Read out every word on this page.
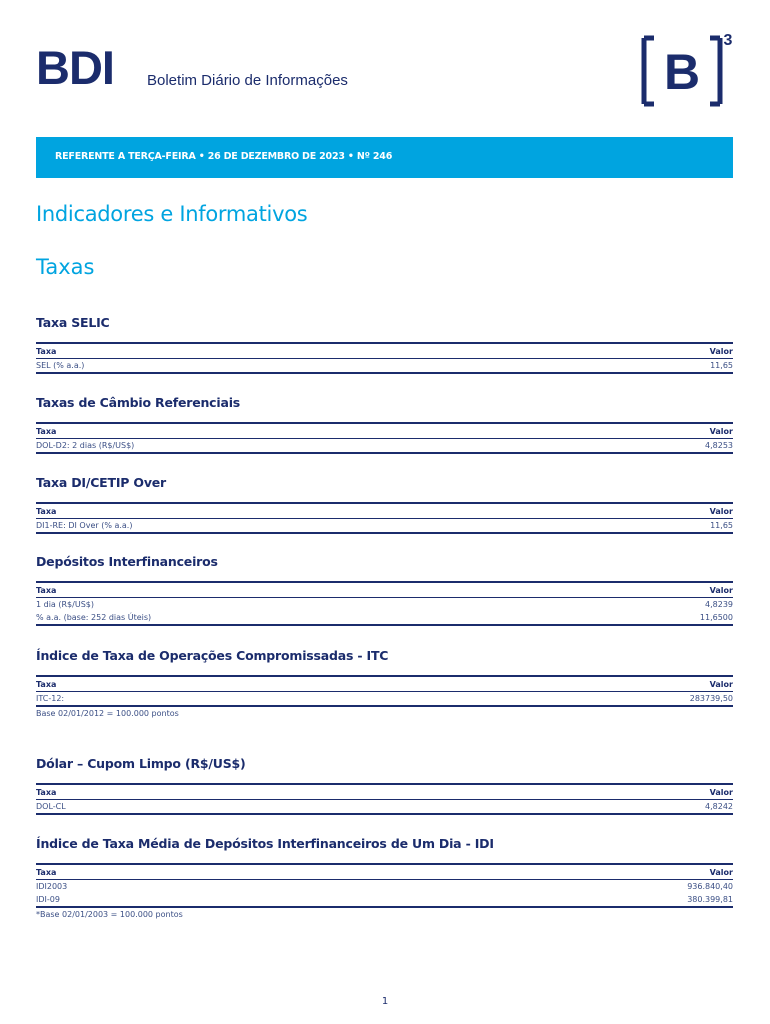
BDI Boletim Diário de Informações	B
3
REFERENTE A TERÇA-FEIRA • 26 DE DEZEMBRO DE 2023 • Nº 246
Indicadores e Informativos
Taxas
Taxa SELIC
Taxa	Valor
SEL (% a.a.)	11,65
Taxas de Câmbio Referenciais
Taxa	Valor
DOL-D2: 2 dias (R$/US$)	4,8253
Taxa DI/CETIP Over
Taxa	Valor
DI1-RE: DI Over (% a.a.)	11,65
Depósitos Interfinanceiros
Taxa	Valor
1 dia (R$/US$)	4,8239
% a.a. (base: 252 dias Úteis)	11,6500
Índice de Taxa de Operações Compromissadas - ITC
Taxa	Valor
ITC-12:	283739,50
Base 02/01/2012 = 100.000 pontos
Dólar – Cupom Limpo (R$/US$)
Taxa	Valor
DOL-CL	4,8242
Índice de Taxa Média de Depósitos Interfinanceiros de Um Dia - IDI
Taxa	Valor
IDI2003	936.840,40
IDI-09	380.399,81
*Base 02/01/2003 = 100.000 pontos
1
